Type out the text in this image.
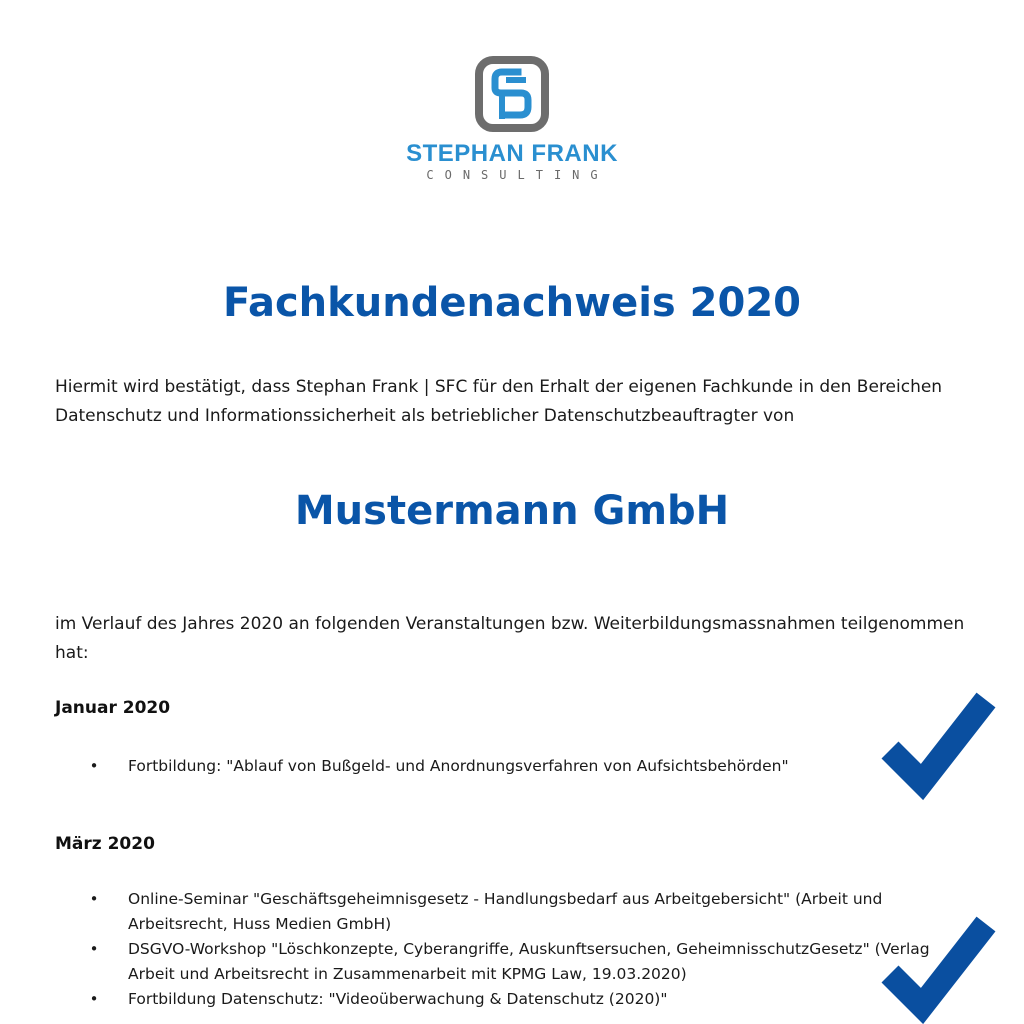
STEPHAN FRANK
CONSULTING
Fachkundenachweis 2020

Hiermit wird bestätigt, dass Stephan Frank | SFC für den Erhalt der eigenen Fachkunde in den Bereichen Datenschutz und Informationssicherheit als betrieblicher Datenschutzbeauftragter von

Mustermann GmbH

im Verlauf des Jahres 2020 an folgenden Veranstaltungen bzw. Weiterbildungsmassnahmen teilgenommen hat:

Januar 2020

• Fortbildung: "Ablauf von Bußgeld- und Anordnungsverfahren von Aufsichtsbehörden"

März 2020

• Online-Seminar "Geschäftsgeheimnisgesetz - Handlungsbedarf aus Arbeitgebersicht" (Arbeit und Arbeitsrecht, Huss Medien GmbH)
• DSGVO-Workshop "Löschkonzepte, Cyberangriffe, Auskunftsersuchen, GeheimnisschutzGesetz" (Verlag Arbeit und Arbeitsrecht in Zusammenarbeit mit KPMG Law, 19.03.2020)
• Fortbildung Datenschutz: "Videoüberwachung & Datenschutz (2020)"
